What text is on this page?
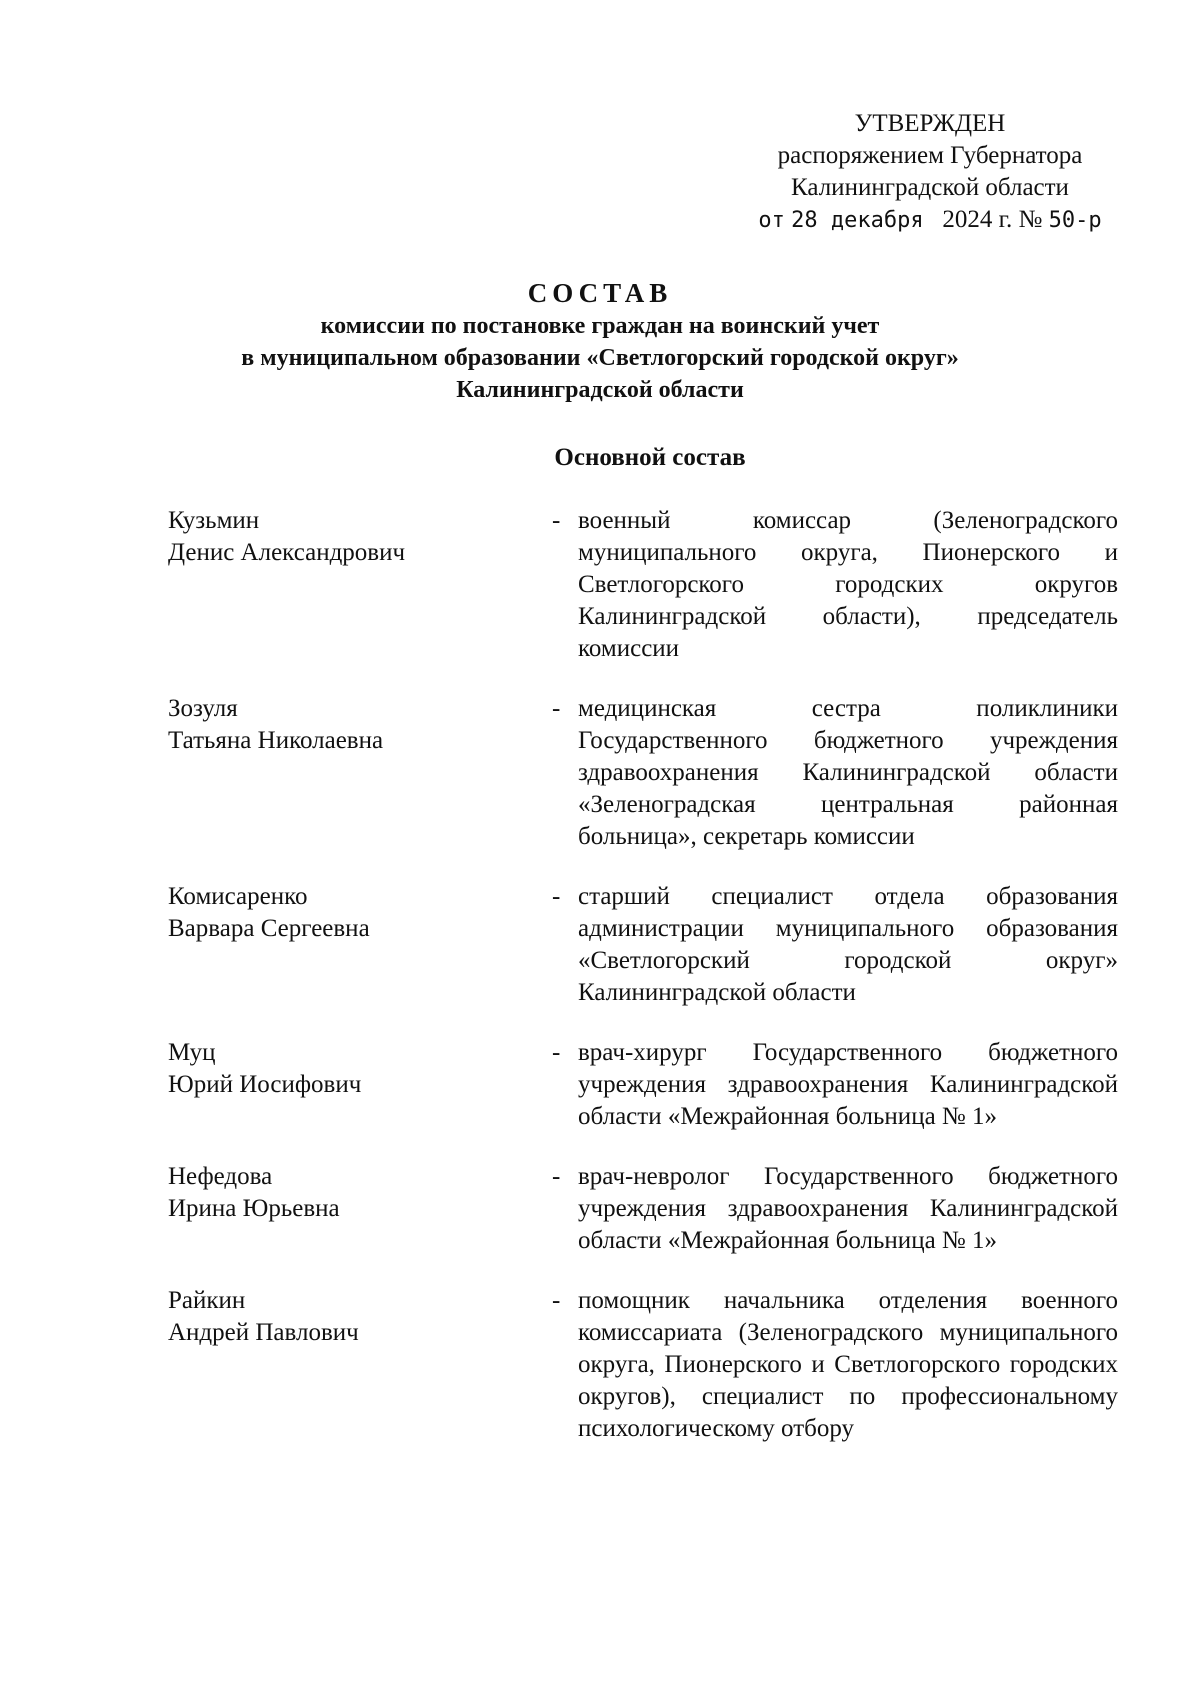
УТВЕРЖДЕН
распоряжением Губернатора
Калининградской области
от 28 декабря 2024 г. № 50-р
СОСТАВ
комиссии по постановке граждан на воинский учет
в муниципальном образовании «Светлогорский городской округ»
Калининградской области
Основной состав
Кузьмин
Денис Александрович
- военный комиссар (Зеленоградского муниципального округа, Пионерского и Светлогорского городских округов Калининградской области), председатель комиссии
Зозуля
Татьяна Николаевна
- медицинская сестра поликлиники Государственного бюджетного учреждения здравоохранения Калининградской области «Зеленоградская центральная районная больница», секретарь комиссии
Комисаренко
Варвара Сергеевна
- старший специалист отдела образования администрации муниципального образования «Светлогорский городской округ» Калининградской области
Муц
Юрий Иосифович
- врач-хирург Государственного бюджетного учреждения здравоохранения Калининградской области «Межрайонная больница № 1»
Нефедова
Ирина Юрьевна
- врач-невролог Государственного бюджетного учреждения здравоохранения Калининградской области «Межрайонная больница № 1»
Райкин
Андрей Павлович
- помощник начальника отделения военного комиссариата (Зеленоградского муниципального округа, Пионерского и Светлогорского городских округов), специалист по профессиональному психологическому отбору
